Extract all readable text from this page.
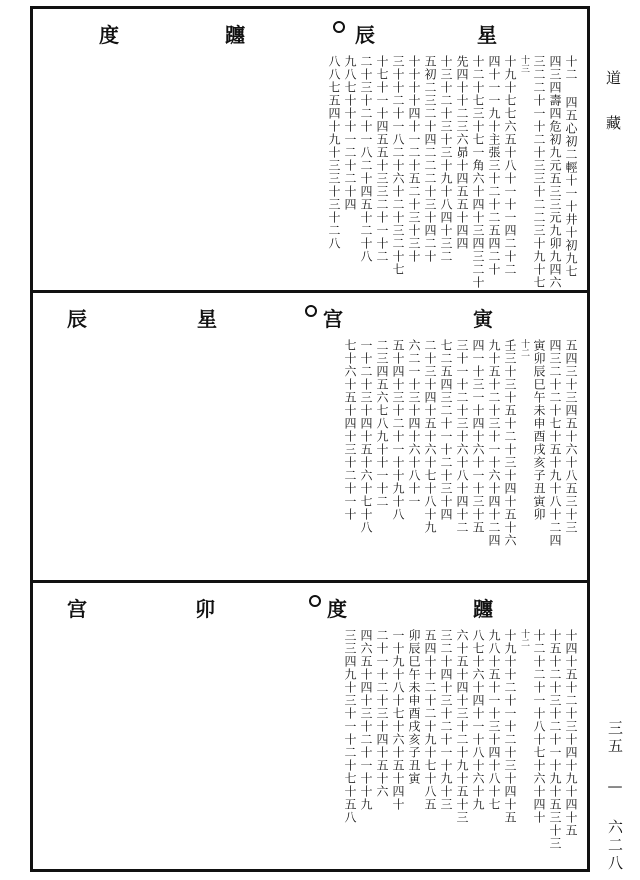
星
辰
躔
度
十二 四五心初二輕十一十井十初九七
四三四壽四危初九元五三三元九卯九四六
三二二十一十二十三三十二二三十九十七
十三
十九十七七六五十八十一十一四二十二
四十一一九十主張三十二十二五四二十
十二十七三十七一角六十四十三四三二十
先四十十二三六昴十四五五十四四
十三十二十三十三十九十八四十三二
五初二三二十四二二二十三十四二十
十十十十四十一二十五二十三十三十
三十十二十一八二十六十二十三二十七
十七十一十四五五十三三二十一十二
二十三十二十一八二十四五十二十八
九八七十十十一二十二十四
八八七五四十九十三三十三十二八
寅
宫
星
辰
五四三十三四五十六十八五三十三
四三二十二十七十五十九十八十二四
寅卯辰巳午未申酉戌亥子丑寅卯
十二
壬三十三十五十二十三十四十五十六
九十五十二十三十一十六十四十二四
四一十三一十四十六十一十三十五
三十一十二十三十六十八十四十二
七二五四三二十一十二十三十四
二十三十四十五十六十七十八十九
六二一十三十四十六十八十一
五十四十三十二十一十十九十八
二三四五六七八九十十一十二
一十二十三十四十五十六十七十八
七十六十五十四十三十二十一十
躔
度
卯
宫
十四十五十二十三十四十九十四十五
十五十二十三十二十一十九十五三十三
十二十二十一十八十七十六十四十
十二
十九十十二十一十二十三十四十五
九八十五十一十三十四十八十七
八七十六十四十一十八十六十九
六十五十四十三十二十九十五十三
三二十四十三十二十一十九十三
五四十十二十二十九十七十八五
卯辰巳午未申酉戌亥子丑寅
一十九十八十七十六十五十四十
二十一十二十三十四十五十六
四六五十四十三十二十一十十九
三三四九十三十一十二十七十五八
道藏
三五 — 六二八
